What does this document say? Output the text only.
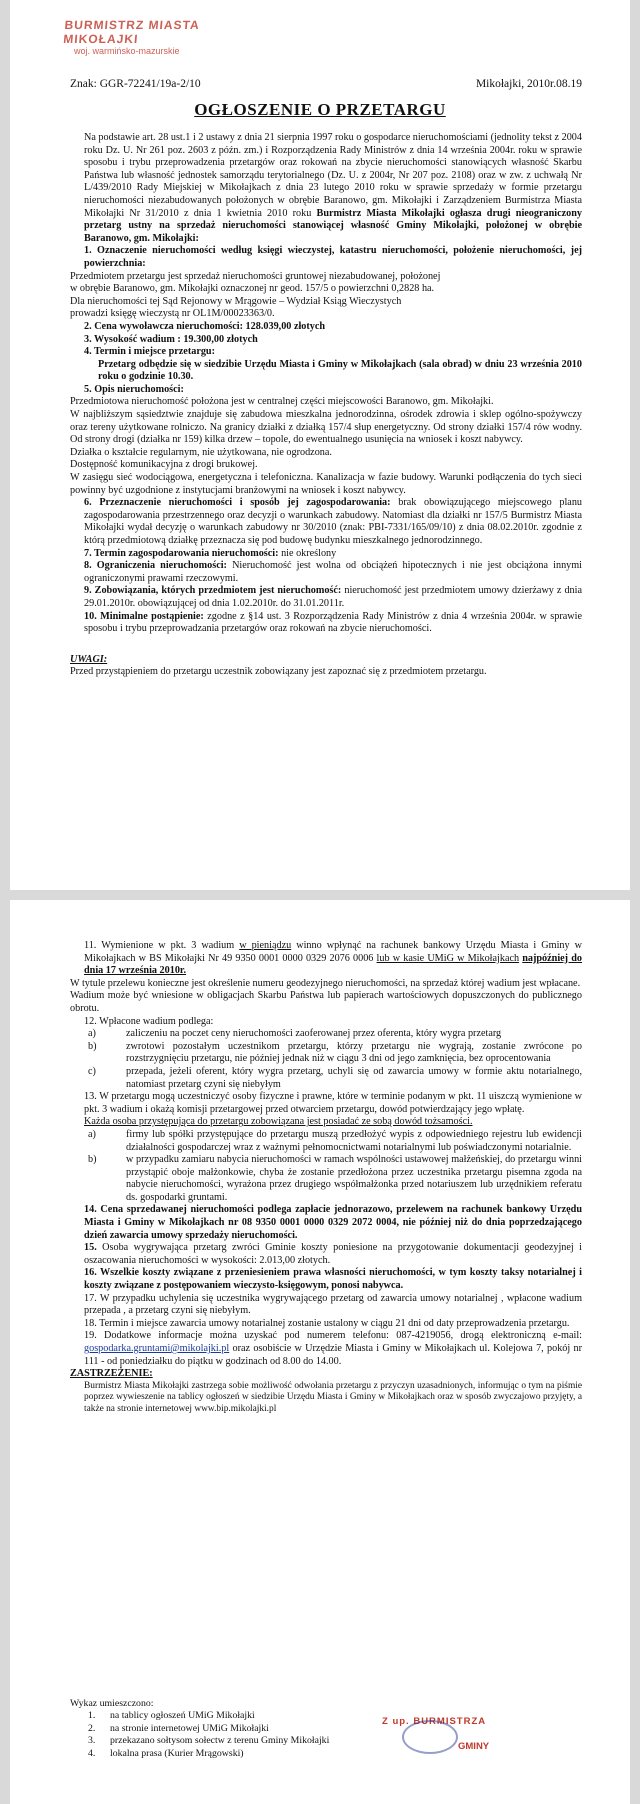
BURMISTRZ MIASTA MIKOŁAJKI
woj. warmińsko-mazurskie
Znak: GGR-72241/19a-2/10	Mikołajki, 2010r.08.19
OGŁOSZENIE O PRZETARGU

Na podstawie art. 28 ust.1 i 2 ustawy z dnia 21 sierpnia 1997 roku o gospodarce nieruchomościami (jednolity tekst z 2004 roku Dz. U. Nr 261 poz. 2603 z późn. zm.) i Rozporządzenia Rady Ministrów z dnia 14 września 2004r. roku w sprawie sposobu i trybu przeprowadzenia przetargów oraz rokowań na zbycie nieruchomości stanowiących własność Skarbu Państwa lub własność jednostek samorządu terytorialnego (Dz. U. z 2004r, Nr 207 poz. 2108) oraz w zw. z uchwałą Nr L/439/2010 Rady Miejskiej w Mikołajkach z dnia 23 lutego 2010 roku w sprawie sprzedaży w formie przetargu nieruchomości niezabudowanych położonych w obrębie Baranowo, gm. Mikołajki i Zarządzeniem Burmistrza Miasta Mikołajki Nr 31/2010 z dnia 1 kwietnia 2010 roku Burmistrz Miasta Mikołajki ogłasza drugi nieograniczony przetarg ustny na sprzedaż nieruchomości stanowiącej własność Gminy Mikołajki, położonej w obrębie Baranowo, gm. Mikołajki:

1. Oznaczenie nieruchomości według księgi wieczystej, katastru nieruchomości, położenie nieruchomości, jej powierzchnia:

Przedmiotem przetargu jest sprzedaż nieruchomości gruntowej niezabudowanej, położonej

w obrębie Baranowo, gm. Mikołajki oznaczonej nr geod. 157/5 o powierzchni 0,2828 ha.

Dla nieruchomości tej Sąd Rejonowy w Mrągowie – Wydział Ksiąg Wieczystych

prowadzi księgę wieczystą nr OL1M/00023363/0.

2. Cena wywoławcza nieruchomości: 128.039,00 złotych

3. Wysokość wadium : 19.300,00 złotych

4. Termin i miejsce przetargu:

Przetarg odbędzie się w siedzibie Urzędu Miasta i Gminy w Mikołajkach (sala obrad) w dniu 23 września 2010 roku o godzinie 10.30.

5. Opis nieruchomości:

Przedmiotowa nieruchomość położona jest w centralnej części miejscowości Baranowo, gm. Mikołajki.

W najbliższym sąsiedztwie znajduje się zabudowa mieszkalna jednorodzinna, ośrodek zdrowia i sklep ogólno-spożywczy oraz tereny użytkowane rolniczo. Na granicy działki z działką 157/4 słup energetyczny. Od strony działki 157/4 rów wodny. Od strony drogi (działka nr 159) kilka drzew – topole, do ewentualnego usunięcia na wniosek i koszt nabywcy.

Działka o kształcie regularnym, nie użytkowana, nie ogrodzona.

Dostępność komunikacyjna z drogi brukowej.

W zasięgu sieć wodociągowa, energetyczna i telefoniczna. Kanalizacja w fazie budowy. Warunki podłączenia do tych sieci powinny być uzgodnione z instytucjami branżowymi na wniosek i koszt nabywcy.

6. Przeznaczenie nieruchomości i sposób jej zagospodarowania: brak obowiązującego miejscowego planu zagospodarowania przestrzennego oraz decyzji o warunkach zabudowy. Natomiast dla działki nr 157/5 Burmistrz Miasta Mikołajki wydał decyzję o warunkach zabudowy nr 30/2010 (znak: PBI-7331/165/09/10) z dnia 08.02.2010r. zgodnie z którą przedmiotową działkę przeznacza się pod budowę budynku mieszkalnego jednorodzinnego.

7. Termin zagospodarowania nieruchomości: nie określony

8. Ograniczenia nieruchomości: Nieruchomość jest wolna od obciążeń hipotecznych i nie jest obciążona innymi ograniczonymi prawami rzeczowymi.

9. Zobowiązania, których przedmiotem jest nieruchomość: nieruchomość jest przedmiotem umowy dzierżawy z dnia 29.01.2010r. obowiązującej od dnia 1.02.2010r. do 31.01.2011r.

10. Minimalne postąpienie: zgodne z §14 ust. 3 Rozporządzenia Rady Ministrów z dnia 4 września 2004r. w sprawie sposobu i trybu przeprowadzania przetargów oraz rokowań na zbycie nieruchomości.

UWAGI:

Przed przystąpieniem do przetargu uczestnik zobowiązany jest zapoznać się z przedmiotem przetargu.

11. Wymienione w pkt. 3 wadium w pieniądzu winno wpłynąć na rachunek bankowy Urzędu Miasta i Gminy w Mikołajkach w BS Mikołajki Nr 49 9350 0001 0000 0329 2076 0006 lub w kasie UMiG w Mikołajkach najpóźniej do dnia 17 września 2010r.

W tytule przelewu konieczne jest określenie numeru geodezyjnego nieruchomości, na sprzedaż której wadium jest wpłacane.

Wadium może być wniesione w obligacjach Skarbu Państwa lub papierach wartościowych dopuszczonych do publicznego obrotu.

12. Wpłacone wadium podlega:

a)	zaliczeniu na poczet ceny nieruchomości zaoferowanej przez oferenta, który wygra przetarg
b)	zwrotowi pozostałym uczestnikom przetargu, którzy przetargu nie wygrają, zostanie zwrócone po rozstrzygnięciu przetargu, nie później jednak niż w ciągu 3 dni od jego zamknięcia, bez oprocentowania
c)	przepada, jeżeli oferent, który wygra przetarg, uchyli się od zawarcia umowy w formie aktu notarialnego, natomiast przetarg czyni się niebyłym

13. W przetargu mogą uczestniczyć osoby fizyczne i prawne, które w terminie podanym w pkt. 11 uiszczą wymienione w pkt. 3 wadium i okażą komisji przetargowej przed otwarciem przetargu, dowód potwierdzający jego wpłatę.

Każda osoba przystępująca do przetargu zobowiązana jest posiadać ze sobą dowód tożsamości.

a)	firmy lub spółki przystępujące do przetargu muszą przedłożyć wypis z odpowiedniego rejestru lub ewidencji działalności gospodarczej wraz z ważnymi pełnomocnictwami notarialnymi lub poświadczonymi notarialnie.
b)	w przypadku zamiaru nabycia nieruchomości w ramach wspólności ustawowej małżeńskiej, do przetargu winni przystąpić oboje małżonkowie, chyba że zostanie przedłożona przez uczestnika przetargu pisemna zgoda na nabycie nieruchomości, wyrażona przez drugiego współmałżonka przed notariuszem lub urzędnikiem referatu ds. gospodarki gruntami.

14. Cena sprzedawanej nieruchomości podlega zapłacie jednorazowo, przelewem na rachunek bankowy Urzędu Miasta i Gminy w Mikołajkach nr 08 9350 0001 0000 0329 2072 0004, nie później niż do dnia poprzedzającego dzień zawarcia umowy sprzedaży nieruchomości.

15. Osoba wygrywająca przetarg zwróci Gminie koszty poniesione na przygotowanie dokumentacji geodezyjnej i oszacowania nieruchomości w wysokości: 2.013,00 złotych.

16. Wszelkie koszty związane z przeniesieniem prawa własności nieruchomości, w tym koszty taksy notarialnej i koszty związane z postępowaniem wieczysto-księgowym, ponosi nabywca.

17. W przypadku uchylenia się uczestnika wygrywającego przetarg od zawarcia umowy notarialnej , wpłacone wadium przepada , a przetarg czyni się niebyłym.

18. Termin i miejsce zawarcia umowy notarialnej zostanie ustalony w ciągu 21 dni od daty przeprowadzenia przetargu.

19. Dodatkowe informacje można uzyskać pod numerem telefonu: 087-4219056, drogą elektroniczną e-mail: gospodarka.gruntami@mikolajki.pl oraz osobiście w Urzędzie Miasta i Gminy w Mikołajkach ul. Kolejowa 7, pokój nr 111 - od poniedziałku do piątku w godzinach od 8.00 do 14.00.

ZASTRZEŻENIE:

Burmistrz Miasta Mikołajki zastrzega sobie możliwość odwołania przetargu z przyczyn uzasadnionych, informując o tym na piśmie poprzez wywieszenie na tablicy ogłoszeń w siedzibie Urzędu Miasta i Gminy w Mikołajkach oraz w sposób zwyczajowo przyjęty, a także na stronie internetowej www.bip.mikolajki.pl

Wykaz umieszczono:
1.	na tablicy ogłoszeń UMiG Mikołajki
2.	na stronie internetowej UMiG Mikołajki
3.	przekazano sołtysom sołectw z terenu Gminy Mikołajki
4.	lokalna prasa (Kurier Mrągowski)
Z up. BURMISTRZA
GMINY
